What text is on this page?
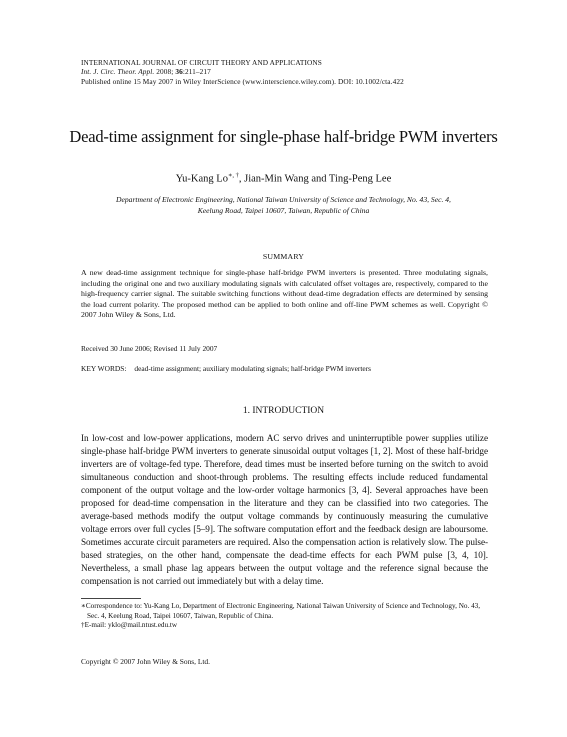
INTERNATIONAL JOURNAL OF CIRCUIT THEORY AND APPLICATIONS
Int. J. Circ. Theor. Appl. 2008; 36:211–217
Published online 15 May 2007 in Wiley InterScience (www.interscience.wiley.com). DOI: 10.1002/cta.422
Dead-time assignment for single-phase half-bridge PWM inverters
Yu-Kang Lo∗, †, Jian-Min Wang and Ting-Peng Lee
Department of Electronic Engineering, National Taiwan University of Science and Technology, No. 43, Sec. 4,
Keelung Road, Taipei 10607, Taiwan, Republic of China
SUMMARY
A new dead-time assignment technique for single-phase half-bridge PWM inverters is presented. Three modulating signals, including the original one and two auxiliary modulating signals with calculated offset voltages are, respectively, compared to the high-frequency carrier signal. The suitable switching functions without dead-time degradation effects are determined by sensing the load current polarity. The proposed method can be applied to both online and off-line PWM schemes as well. Copyright © 2007 John Wiley & Sons, Ltd.
Received 30 June 2006; Revised 11 July 2007
KEY WORDS: dead-time assignment; auxiliary modulating signals; half-bridge PWM inverters
1. INTRODUCTION
In low-cost and low-power applications, modern AC servo drives and uninterruptible power supplies utilize single-phase half-bridge PWM inverters to generate sinusoidal output voltages [1, 2]. Most of these half-bridge inverters are of voltage-fed type. Therefore, dead times must be inserted before turning on the switch to avoid simultaneous conduction and shoot-through problems. The resulting effects include reduced fundamental component of the output voltage and the low-order voltage harmonics [3, 4]. Several approaches have been proposed for dead-time compensation in the literature and they can be classified into two categories. The average-based methods modify the output voltage commands by continuously measuring the cumulative voltage errors over full cycles [5–9]. The software computation effort and the feedback design are laboursome. Sometimes accurate circuit parameters are required. Also the compensation action is relatively slow. The pulse-based strategies, on the other hand, compensate the dead-time effects for each PWM pulse [3, 4, 10]. Nevertheless, a small phase lag appears between the output voltage and the reference signal because the compensation is not carried out immediately but with a delay time.

∗Correspondence to: Yu-Kang Lo, Department of Electronic Engineering, National Taiwan University of Science and Technology, No. 43, Sec. 4, Keelung Road, Taipei 10607, Taiwan, Republic of China.

†E-mail: yklo@mail.ntust.edu.tw

Copyright © 2007 John Wiley & Sons, Ltd.
